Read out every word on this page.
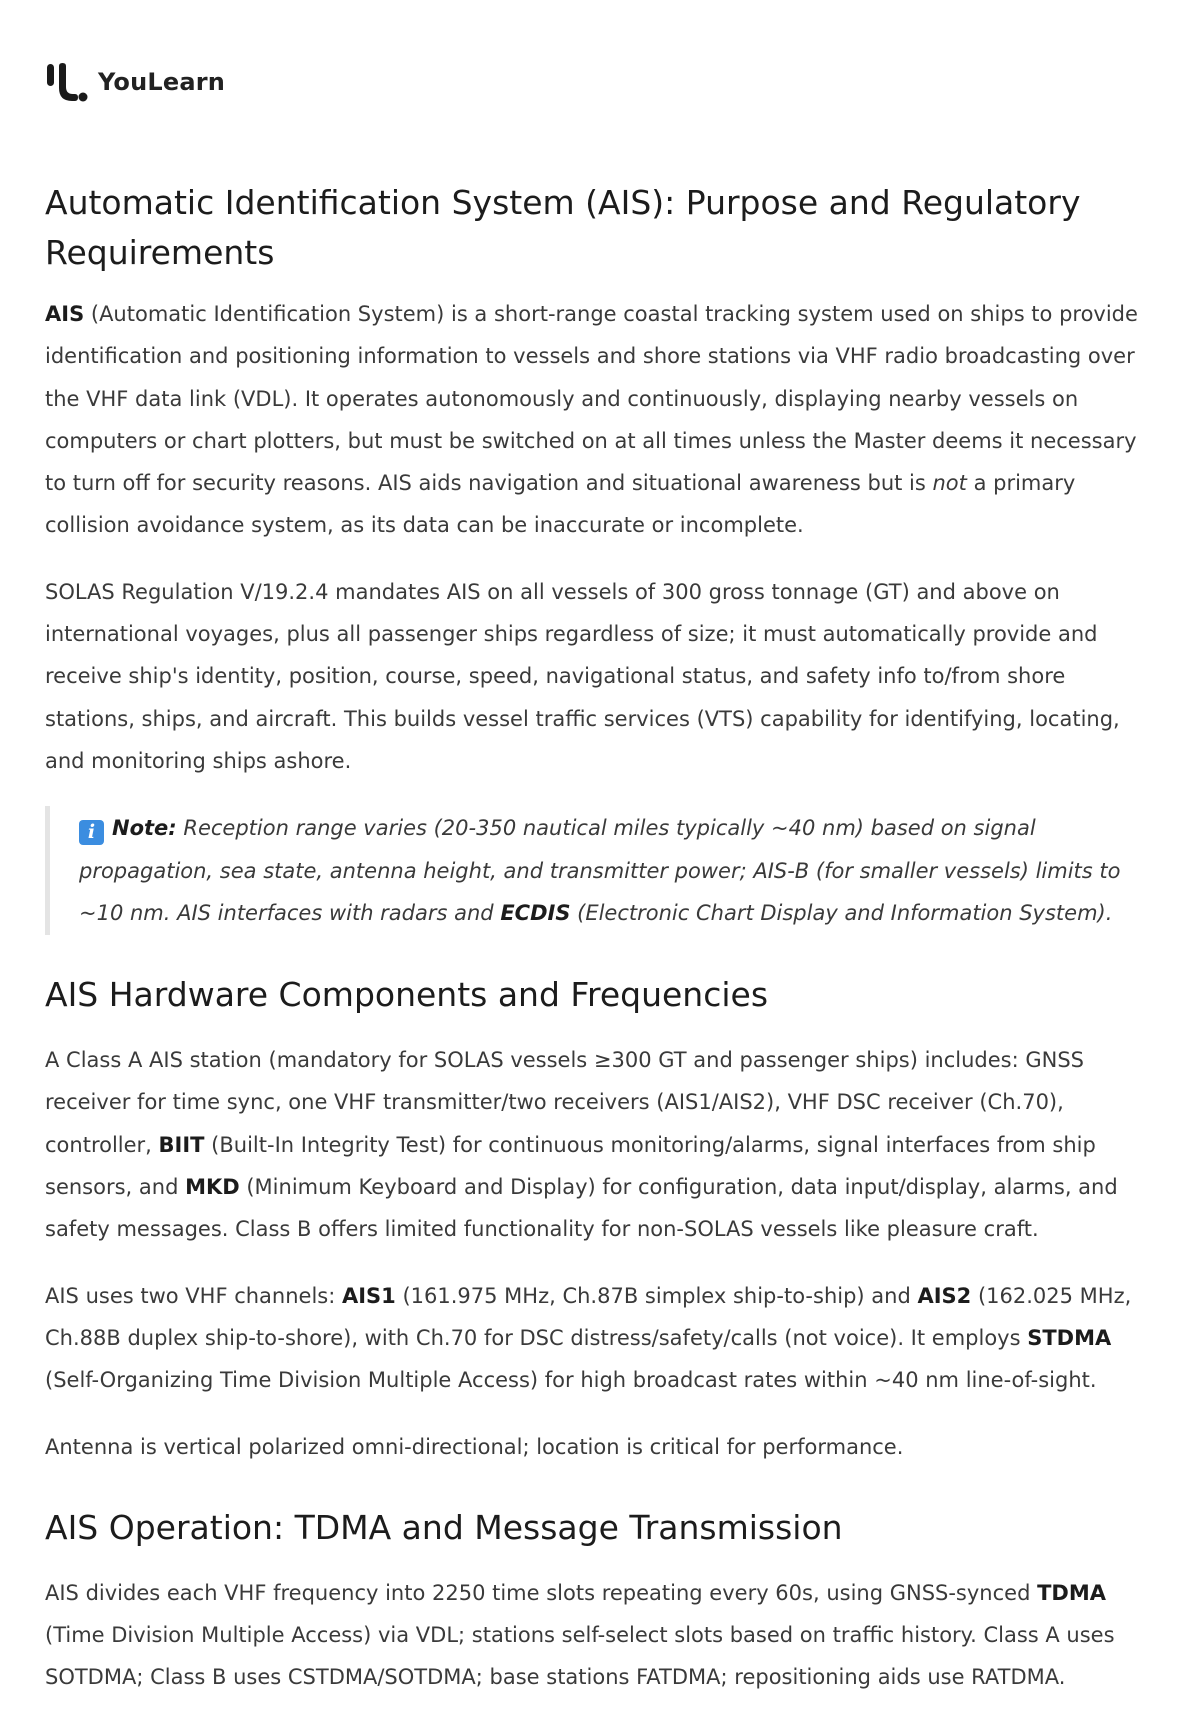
YouLearn
Automatic Identification System (AIS): Purpose and Regulatory Requirements

AIS (Automatic Identification System) is a short-range coastal tracking system used on ships to provide identification and positioning information to vessels and shore stations via VHF radio broadcasting over the VHF data link (VDL). It operates autonomously and continuously, displaying nearby vessels on computers or chart plotters, but must be switched on at all times unless the Master deems it necessary to turn off for security reasons. AIS aids navigation and situational awareness but is not a primary collision avoidance system, as its data can be inaccurate or incomplete.

SOLAS Regulation V/19.2.4 mandates AIS on all vessels of 300 gross tonnage (GT) and above on international voyages, plus all passenger ships regardless of size; it must automatically provide and receive ship's identity, position, course, speed, navigational status, and safety info to/from shore stations, ships, and aircraft. This builds vessel traffic services (VTS) capability for identifying, locating, and monitoring ships ashore.

i Note: Reception range varies (20-350 nautical miles typically ~40 nm) based on signal propagation, sea state, antenna height, and transmitter power; AIS-B (for smaller vessels) limits to ~10 nm. AIS interfaces with radars and ECDIS (Electronic Chart Display and Information System).

AIS Hardware Components and Frequencies

A Class A AIS station (mandatory for SOLAS vessels ≥300 GT and passenger ships) includes: GNSS receiver for time sync, one VHF transmitter/two receivers (AIS1/AIS2), VHF DSC receiver (Ch.70), controller, BIIT (Built-In Integrity Test) for continuous monitoring/alarms, signal interfaces from ship sensors, and MKD (Minimum Keyboard and Display) for configuration, data input/display, alarms, and safety messages. Class B offers limited functionality for non-SOLAS vessels like pleasure craft.

AIS uses two VHF channels: AIS1 (161.975 MHz, Ch.87B simplex ship-to-ship) and AIS2 (162.025 MHz, Ch.88B duplex ship-to-shore), with Ch.70 for DSC distress/safety/calls (not voice). It employs STDMA (Self-Organizing Time Division Multiple Access) for high broadcast rates within ~40 nm line-of-sight.

Antenna is vertical polarized omni-directional; location is critical for performance.

AIS Operation: TDMA and Message Transmission

AIS divides each VHF frequency into 2250 time slots repeating every 60s, using GNSS-synced TDMA (Time Division Multiple Access) via VDL; stations self-select slots based on traffic history. Class A uses SOTDMA; Class B uses CSTDMA/SOTDMA; base stations FATDMA; repositioning aids use RATDMA.
